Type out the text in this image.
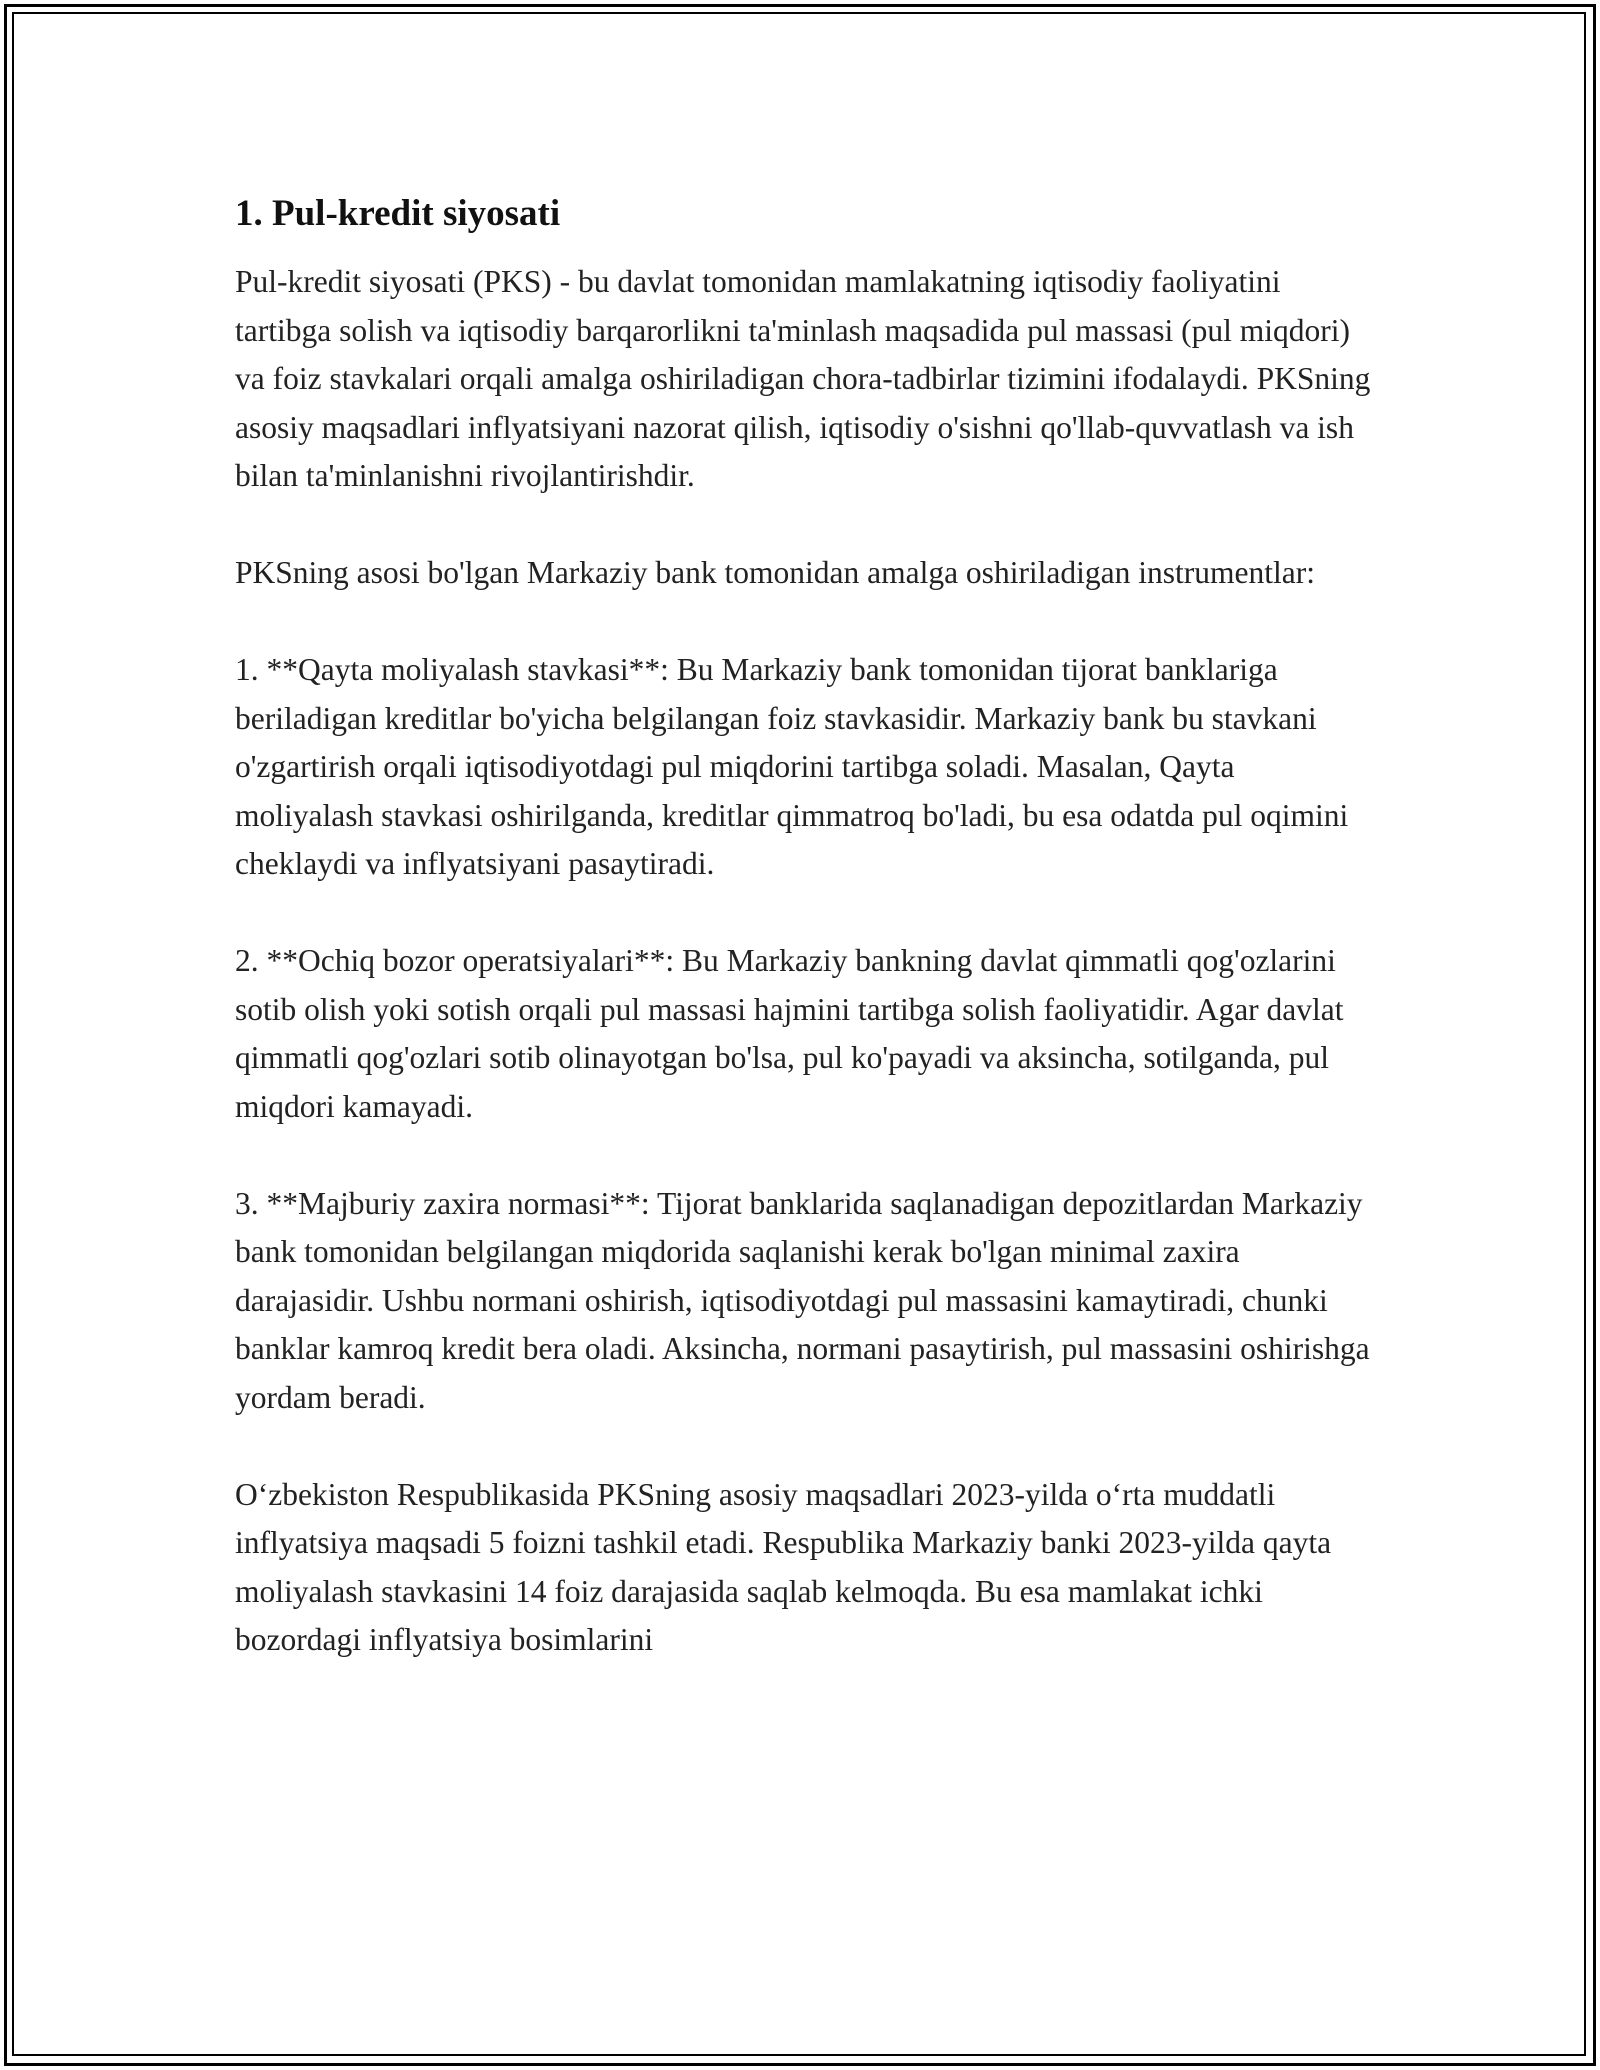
1. Pul-kredit siyosati

Pul-kredit siyosati (PKS) - bu davlat tomonidan mamlakatning iqtisodiy faoliyatini tartibga solish va iqtisodiy barqarorlikni ta'minlash maqsadida pul massasi (pul miqdori) va foiz stavkalari orqali amalga oshiriladigan chora-tadbirlar tizimini ifodalaydi. PKSning asosiy maqsadlari inflyatsiyani nazorat qilish, iqtisodiy o'sishni qo'llab-quvvatlash va ish bilan ta'minlanishni rivojlantirishdir.

PKSning asosi bo'lgan Markaziy bank tomonidan amalga oshiriladigan instrumentlar:

1. **Qayta moliyalash stavkasi**: Bu Markaziy bank tomonidan tijorat banklariga beriladigan kreditlar bo'yicha belgilangan foiz stavkasidir. Markaziy bank bu stavkani o'zgartirish orqali iqtisodiyotdagi pul miqdorini tartibga soladi. Masalan, Qayta moliyalash stavkasi oshirilganda, kreditlar qimmatroq bo'ladi, bu esa odatda pul oqimini cheklaydi va inflyatsiyani pasaytiradi.

2. **Ochiq bozor operatsiyalari**: Bu Markaziy bankning davlat qimmatli qog'ozlarini sotib olish yoki sotish orqali pul massasi hajmini tartibga solish faoliyatidir. Agar davlat qimmatli qog'ozlari sotib olinayotgan bo'lsa, pul ko'payadi va aksincha, sotilganda, pul miqdori kamayadi.

3. **Majburiy zaxira normasi**: Tijorat banklarida saqlanadigan depozitlardan Markaziy bank tomonidan belgilangan miqdorida saqlanishi kerak bo'lgan minimal zaxira darajasidir. Ushbu normani oshirish, iqtisodiyotdagi pul massasini kamaytiradi, chunki banklar kamroq kredit bera oladi. Aksincha, normani pasaytirish, pul massasini oshirishga yordam beradi.

Oʻzbekiston Respublikasida PKSning asosiy maqsadlari 2023-yilda oʻrta muddatli inflyatsiya maqsadi 5 foizni tashkil etadi. Respublika Markaziy banki 2023-yilda qayta moliyalash stavkasini 14 foiz darajasida saqlab kelmoqda. Bu esa mamlakat ichki bozordagi inflyatsiya bosimlarini
